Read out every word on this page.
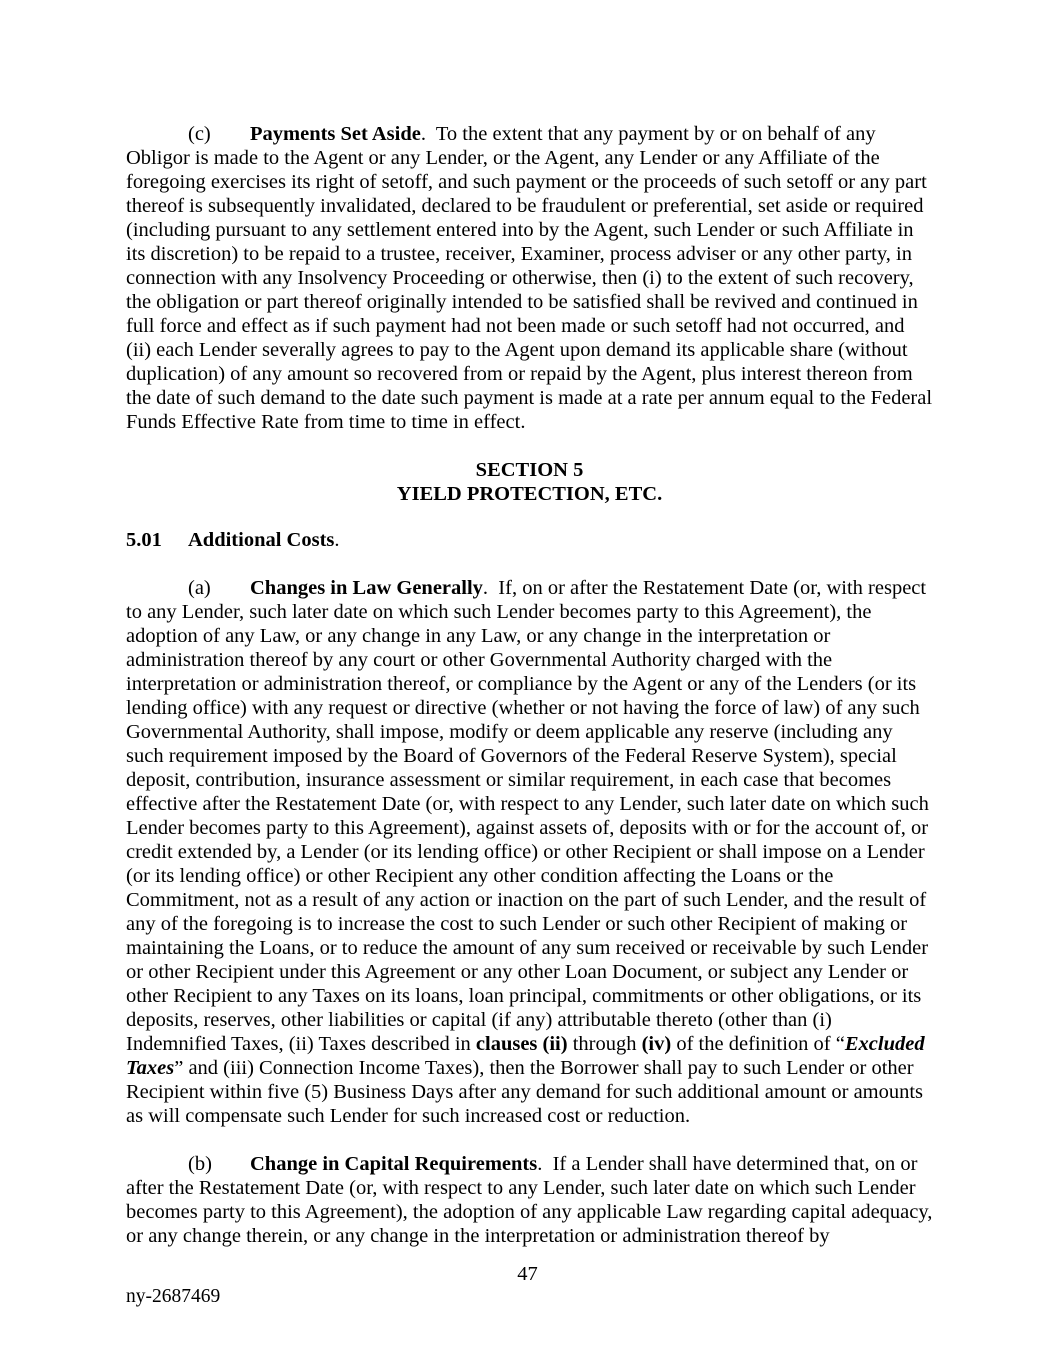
(c)	Payments Set Aside.  To the extent that any payment by or on behalf of any Obligor is made to the Agent or any Lender, or the Agent, any Lender or any Affiliate of the foregoing exercises its right of setoff, and such payment or the proceeds of such setoff or any part thereof is subsequently invalidated, declared to be fraudulent or preferential, set aside or required (including pursuant to any settlement entered into by the Agent, such Lender or such Affiliate in its discretion) to be repaid to a trustee, receiver, Examiner, process adviser or any other party, in connection with any Insolvency Proceeding or otherwise, then (i) to the extent of such recovery, the obligation or part thereof originally intended to be satisfied shall be revived and continued in full force and effect as if such payment had not been made or such setoff had not occurred, and (ii) each Lender severally agrees to pay to the Agent upon demand its applicable share (without duplication) of any amount so recovered from or repaid by the Agent, plus interest thereon from the date of such demand to the date such payment is made at a rate per annum equal to the Federal Funds Effective Rate from time to time in effect.

SECTION 5
YIELD PROTECTION, ETC.

5.01	Additional Costs.

(a)	Changes in Law Generally.  If, on or after the Restatement Date (or, with respect to any Lender, such later date on which such Lender becomes party to this Agreement), the adoption of any Law, or any change in any Law, or any change in the interpretation or administration thereof by any court or other Governmental Authority charged with the interpretation or administration thereof, or compliance by the Agent or any of the Lenders (or its lending office) with any request or directive (whether or not having the force of law) of any such Governmental Authority, shall impose, modify or deem applicable any reserve (including any such requirement imposed by the Board of Governors of the Federal Reserve System), special deposit, contribution, insurance assessment or similar requirement, in each case that becomes effective after the Restatement Date (or, with respect to any Lender, such later date on which such Lender becomes party to this Agreement), against assets of, deposits with or for the account of, or credit extended by, a Lender (or its lending office) or other Recipient or shall impose on a Lender (or its lending office) or other Recipient any other condition affecting the Loans or the Commitment, not as a result of any action or inaction on the part of such Lender, and the result of any of the foregoing is to increase the cost to such Lender or such other Recipient of making or maintaining the Loans, or to reduce the amount of any sum received or receivable by such Lender or other Recipient under this Agreement or any other Loan Document, or subject any Lender or other Recipient to any Taxes on its loans, loan principal, commitments or other obligations, or its deposits, reserves, other liabilities or capital (if any) attributable thereto (other than (i) Indemnified Taxes, (ii) Taxes described in clauses (ii) through (iv) of the definition of “Excluded Taxes” and (iii) Connection Income Taxes), then the Borrower shall pay to such Lender or other Recipient within five (5) Business Days after any demand for such additional amount or amounts as will compensate such Lender for such increased cost or reduction.

(b)	Change in Capital Requirements.  If a Lender shall have determined that, on or after the Restatement Date (or, with respect to any Lender, such later date on which such Lender becomes party to this Agreement), the adoption of any applicable Law regarding capital adequacy, or any change therein, or any change in the interpretation or administration thereof by

47
ny-2687469
